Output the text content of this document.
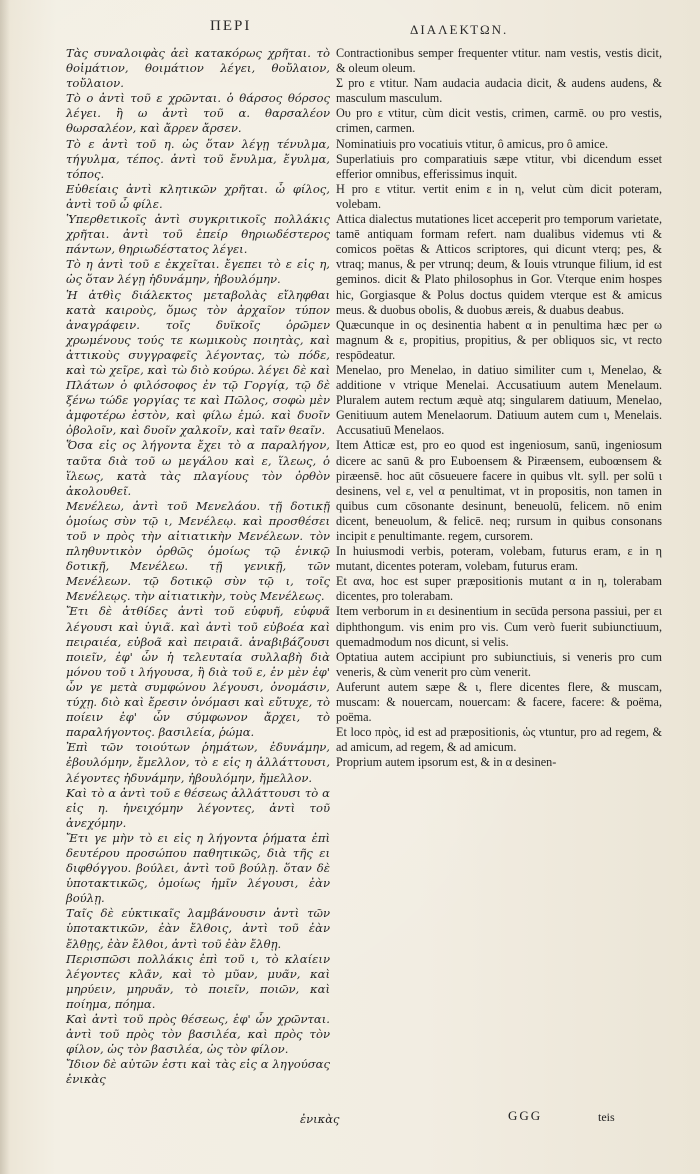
ΠΕΡΙ	ΔΙΑΛΕΚΤΩΝ.

Τὰς συναλοιφὰς ἀεὶ κατακόρως χρῆται. τὸ θοἰμάτιον, θοιμάτιον λέγει, θοὔλαιον, τοὔλαιον.

Τὸ ο ἀντὶ τοῦ ε χρῶνται. ὁ θάρσος θόρσος λέγει. ἢ ω ἀντὶ τοῦ α. θαρσαλέον θωρσαλέον, καὶ ἄρρεν ἄρσεν.

Τὸ ε ἀντὶ τοῦ η. ὡς ὅταν λέγῃ τένυλμα, τήγυλμα, τέπος. ἀντὶ τοῦ ἔνυλμα, ἔγυλμα, τόπος.

Εὐθείαις ἀντὶ κλητικῶν χρῆται. ὦ φίλος, ἀντὶ τοῦ ὦ φίλε.

Ὑπερθετικοῖς ἀντὶ συγκριτικοῖς πολλάκις χρῆται. ἀντὶ τοῦ ἐπείρ θηριωδέστερος πάντων, θηριωδέστατος λέγει.

Τὸ η ἀντὶ τοῦ ε ἐκχεῖται. ἔγεπει τὸ ε εἰς η, ὡς ὅταν λέγῃ ἠδυνάμην, ἠβουλόμην.

Ἡ ἀτθὶς διάλεκτος μεταβολὰς εἴληφθαι κατὰ καιροὺς, ὅμως τὸν ἀρχαῖον τύπον ἀναγράφειν. τοῖς δυϊκοῖς ὁρῶμεν χρωμένους τούς τε κωμικοὺς ποιητὰς, καὶ ἀττικοὺς συγγραφεῖς λέγοντας, τὼ πόδε, καὶ τὼ χεῖρε, καὶ τὼ διὸ κούρω. λέγει δὲ καὶ Πλάτων ὁ φιλόσοφος ἐν τῷ Γοργίᾳ, τῷ δὲ ξένω τώδε γοργίας τε καὶ Πῶλος, σοφὼ μὲν ἀμφοτέρω ἐστὸν, καὶ φίλω ἐμώ. καὶ δυοῖν ὀβολοῖν, καὶ δυοῖν χαλκοῖν, καὶ ταῖν θεαῖν.

Ὅσα εἰς ος λήγοντα ἔχει τὸ α παραλήγον, ταῦτα διὰ τοῦ ω μεγάλου καὶ ε, ἵλεως, ὁ ἵλεως, κατὰ τὰς πλαγίους τὸν ὀρθὸν ἀκολουθεῖ.

Μενέλεω, ἀντὶ τοῦ Μενελάου. τῇ δοτικῇ ὁμοίως σὺν τῷ ι, Μενέλεῳ. καὶ προσθέσει τοῦ ν πρὸς τὴν αἰτιατικὴν Μενέλεων. τὸν πληθυντικὸν ὀρθῶς ὁμοίως τῷ ἑνικῷ δοτικῇ, Μενέλεω. τῇ γενικῇ, τῶν Μενέλεων. τῷ δοτικῷ σὺν τῷ ι, τοῖς Μενέλεῳς. τὴν αἰτιατικὴν, τοὺς Μενέλεως.

Ἔτι δὲ ἀτθίδες ἀντὶ τοῦ εὐφυῆ, εὐφυᾶ λέγουσι καὶ ὑγιᾶ. καὶ ἀντὶ τοῦ εὐβοέα καὶ πειραιέα, εὐβοᾶ καὶ πειραιᾶ. ἀναβιβάζουσι ποιεῖν, ἐφ' ὧν ἡ τελευταία συλλαβὴ διὰ μόνου τοῦ ι λήγουσα, ἢ διὰ τοῦ ε, ἐν μὲν ἐφ' ὧν γε μετὰ συμφώνου λέγουσι, ὀνομάσιν, τύχῃ. διὸ καὶ ἔρεσιν ὀνόμασι καὶ εὔτυχε, τὸ ποίειν ἐφ' ὧν σύμφωνον ἄρχει, τὸ παραλήγοντος. βασιλεία, ῥώμα.

Ἐπὶ τῶν τοιούτων ῥημάτων, ἐδυνάμην, ἐβουλόμην, ἔμελλον, τὸ ε εἰς η ἀλλάττουσι, λέγοντες ἠδυνάμην, ἠβουλόμην, ἤμελλον.

Καὶ τὸ α ἀντὶ τοῦ ε θέσεως ἀλλάττουσι τὸ α εἰς η. ἠνειχόμην λέγοντες, ἀντὶ τοῦ ἀνεχόμην.

Ἔτι γε μὴν τὸ ει εἰς η λήγοντα ῥήματα ἐπὶ δευτέρου προσώπου παθητικῶς, διὰ τῆς ει διφθόγγου. βούλει, ἀντὶ τοῦ βούλῃ. ὅταν δὲ ὑποτακτικῶς, ὁμοίως ἡμῖν λέγουσι, ἐὰν βούλῃ.

Ταῖς δὲ εὐκτικαῖς λαμβάνουσιν ἀντὶ τῶν ὑποτακτικῶν, ἐὰν ἔλθοις, ἀντὶ τοῦ ἐὰν ἔλθῃς, ἐὰν ἔλθοι, ἀντὶ τοῦ ἐὰν ἔλθῃ.

Περισπῶσι πολλάκις ἐπὶ τοῦ ι, τὸ κλαίειν λέγοντες κλᾶν, καὶ τὸ μῦαν, μυᾶν, καὶ μηρύειν, μηρυᾶν, τὸ ποιεῖν, ποιῶν, καὶ ποίημα, πόημα.

Καὶ ἀντὶ τοῦ πρὸς θέσεως, ἐφ' ὧν χρῶνται. ἀντὶ τοῦ πρὸς τὸν βασιλέα, καὶ πρὸς τὸν φίλον, ὡς τὸν βασιλέα, ὡς τὸν φίλον.

Ἴδιον δὲ αὐτῶν ἐστι καὶ τὰς εἰς α ληγούσας ἐνικὰς

Contractionibus semper frequenter vtitur. nam vestis, vestis dicit, & oleum oleum.

Σ pro ε vtitur. Nam audacia audacia dicit, & audens audens, & masculum masculum.

Ου pro ε vtitur, cùm dicit vestis, crimen, carmē. ου pro vestis, crimen, carmen.

Nominatiuis pro vocatiuis vtitur, ô amicus, pro ô amice.

Superlatiuis pro comparatiuis sæpe vtitur, vbi dicendum esset efferior omnibus, efferissimus inquit.

Η pro ε vtitur. vertit enim ε in η, velut cùm dicit poteram, volebam.

Attica dialectus mutationes licet acceperit pro temporum varietate, tamē antiquam formam refert. nam dualibus videmus vti & comicos poëtas & Atticos scriptores, qui dicunt vterq; pes, & vtraq; manus, & per vtrunq; deum, & Iouis vtrunque filium, id est geminos. dicit & Plato philosophus in Gor. Vterque enim hospes hic, Gorgiasque & Polus doctus quidem vterque est & amicus meus. & duobus obolis, & duobus æreis, & duabus deabus.

Quæcunque in ος desinentia habent α in penultima hæc per ω magnum & ε, propitius, propitius, & per obliquos sic, vt recto respōdeatur.

Menelao, pro Menelao, in datiuo similiter cum ι, Menelao, & additione ν vtrique Menelai. Accusatiuum autem Menelaum. Pluralem autem rectum æquè atq; singularem datiuum, Menelao, Genitiuum autem Menelaorum. Datiuum autem cum ι, Menelais. Accusatiuū Menelaos.

Item Atticæ est, pro eo quod est ingeniosum, sanū, ingeniosum dicere ac sanū & pro Euboensem & Piræensem, euboœnsem & piræensē. hoc aūt cōsueuere facere in quibus vlt. syll. per solū ι desinens, vel ε, vel α penultimat, vt in propositis, non tamen in quibus cum cōsonante desinunt, beneuolū, felicem. nō enim dicent, beneuolum, & felicē. neq; rursum in quibus consonans incipit ε penultimante. regem, cursorem.

In huiusmodi verbis, poteram, volebam, futurus eram, ε in η mutant, dicentes poteram, volebam, futurus eram.

Et ανα, hoc est super præpositionis mutant α in η, tolerabam dicentes, pro tolerabam.

Item verborum in ει desinentium in secūda persona passiui, per ει diphthongum. vis enim pro vis. Cum verò fuerit subiunctiuum, quemadmodum nos dicunt, si velis.

Optatiua autem accipiunt pro subiunctiuis, si veneris pro cum veneris, & cùm venerit pro cùm venerit.

Auferunt autem sæpe & ι, flere dicentes flere, & muscam, muscam: & nouercam, nouercam: & facere, facere: & poëma, poëma.

Et loco πρὸς, id est ad præpositionis, ὡς vtuntur, pro ad regem, & ad amicum, ad regem, & ad amicum.

Proprium autem ipsorum est, & in α desinen-

ἐνικὰς	GGG	teis
